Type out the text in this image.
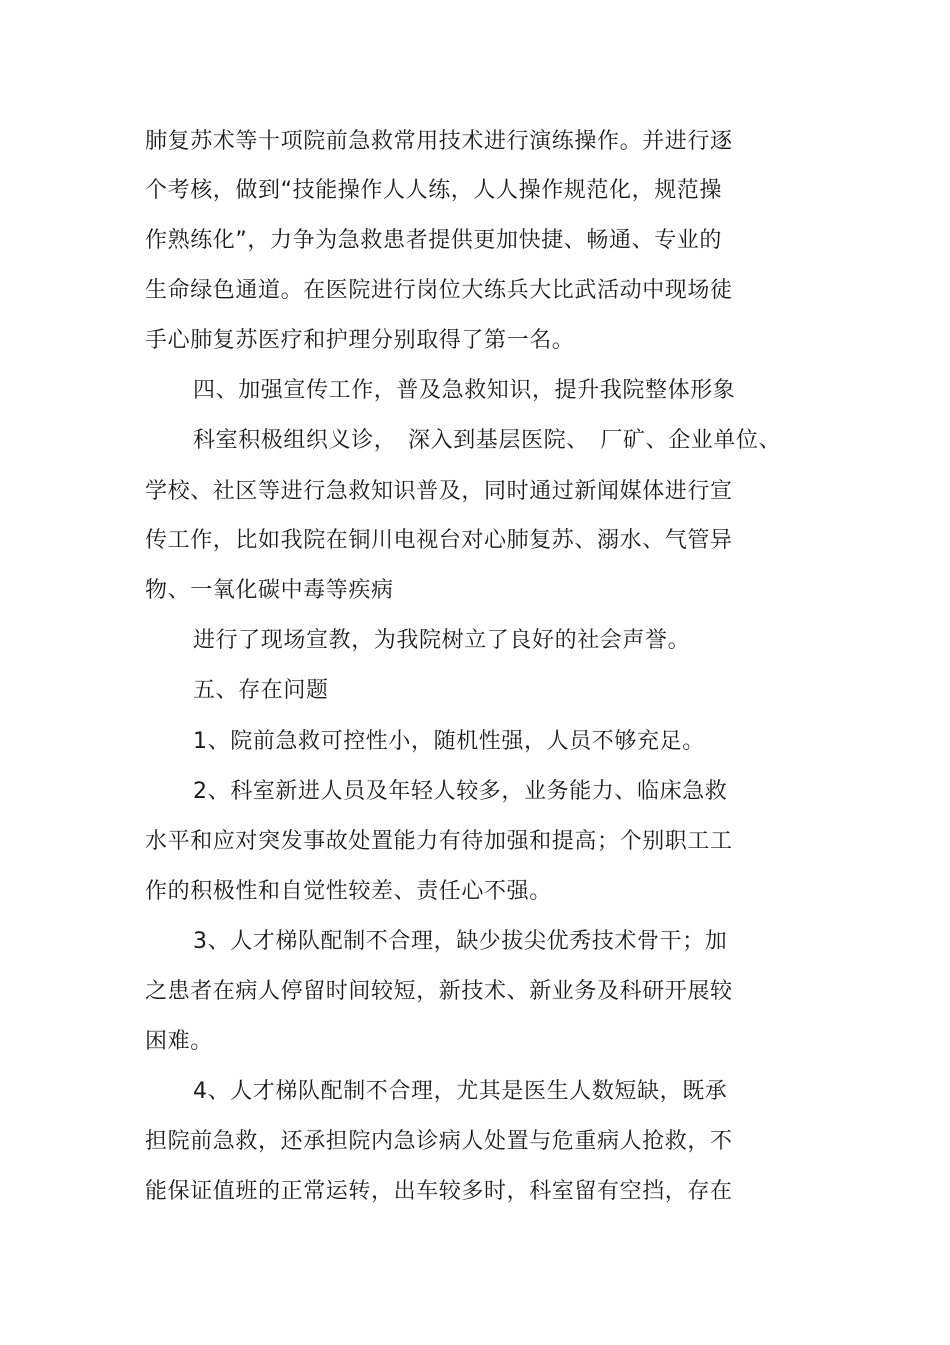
肺复苏术等十项院前急救常用技术进行演练操作。并进行逐
个考核，做到“技能操作人人练，人人操作规范化，规范操
作熟练化”，力争为急救患者提供更加快捷、畅通、专业的
生命绿色通道。在医院进行岗位大练兵大比武活动中现场徒
手心肺复苏医疗和护理分别取得了第一名。
四、加强宣传工作，普及急救知识，提升我院整体形象
科室积极组织义诊，　深入到基层医院、　厂矿、企业单位、
学校、社区等进行急救知识普及，同时通过新闻媒体进行宣
传工作，比如我院在铜川电视台对心肺复苏、溺水、气管异
物、一氧化碳中毒等疾病
进行了现场宣教，为我院树立了良好的社会声誉。
五、存在问题
1、院前急救可控性小，随机性强，人员不够充足。
2、科室新进人员及年轻人较多，业务能力、临床急救
水平和应对突发事故处置能力有待加强和提高；个别职工工
作的积极性和自觉性较差、责任心不强。
3、人才梯队配制不合理，缺少拔尖优秀技术骨干；加
之患者在病人停留时间较短，新技术、新业务及科研开展较
困难。
4、人才梯队配制不合理，尤其是医生人数短缺，既承
担院前急救，还承担院内急诊病人处置与危重病人抢救，不
能保证值班的正常运转，出车较多时，科室留有空挡，存在
